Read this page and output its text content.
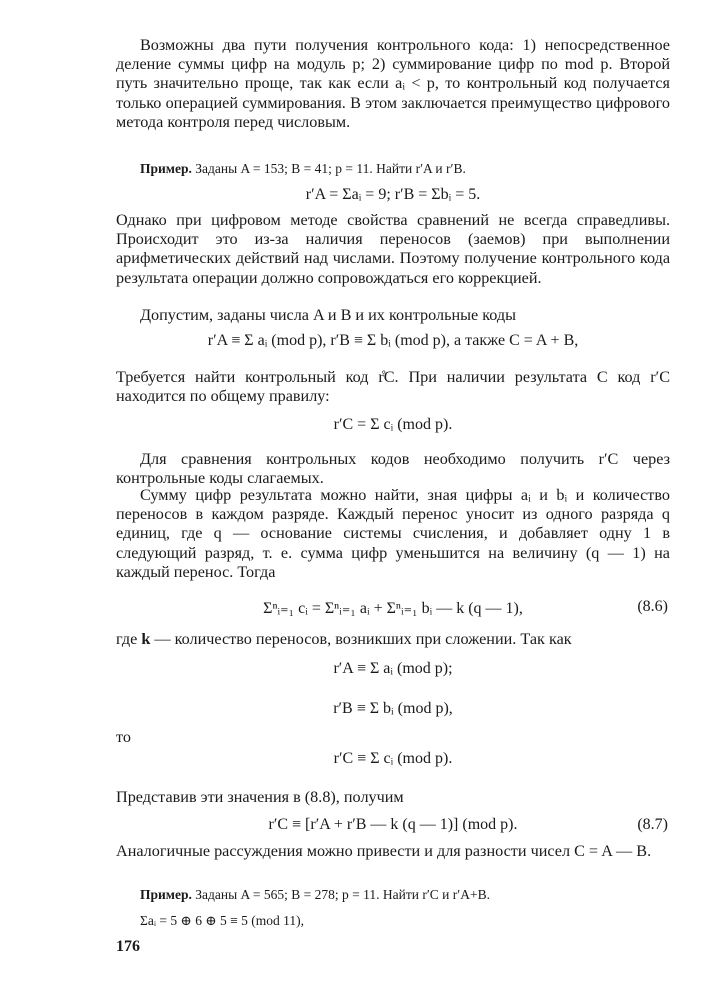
Возможны два пути получения контрольного кода: 1) непосредственное деление суммы цифр на модуль p; 2) суммирование цифр по mod p. Второй путь значительно проще, так как если aᵢ < p, то контрольный код получается только операцией суммирования. В этом заключается преимущество цифрового метода контроля перед числовым.

Пример. Заданы A = 153; B = 41; p = 11. Найти r′A и r′B.

r′A = Σaᵢ = 9; r′B = Σbᵢ = 5.

Однако при цифровом методе свойства сравнений не всегда справедливы. Происходит это из-за наличия переносов (заемов) при выполнении арифметических действий над числами. Поэтому получение контрольного кода результата операции должно сопровождаться его коррекцией.

Допустим, заданы числа A и B и их контрольные коды

r′A ≡ Σ aᵢ (mod p), r′B ≡ Σ bᵢ (mod p), а также C = A + B,

Требуется найти контрольный код r̊C. При наличии результата C код r′C находится по общему правилу:

r′C = Σ cᵢ (mod p).

Для сравнения контрольных кодов необходимо получить r′C через контрольные коды слагаемых.

Сумму цифр результата можно найти, зная цифры aᵢ и bᵢ и количество переносов в каждом разряде. Каждый перенос уносит из одного разряда q единиц, где q — основание системы счисления, и добавляет одну 1 в следующий разряд, т. е. сумма цифр уменьшится на величину (q — 1) на каждый перенос. Тогда

Σⁿᵢ₌₁ cᵢ = Σⁿᵢ₌₁ aᵢ + Σⁿᵢ₌₁ bᵢ — k (q — 1),	(8.6)

где k — количество переносов, возникших при сложении. Так как

r′A ≡ Σ aᵢ (mod p);

r′B ≡ Σ bᵢ (mod p),

то

r′C ≡ Σ cᵢ (mod p).

Представив эти значения в (8.8), получим

r′C ≡ [r′A + r′B — k (q — 1)] (mod p).	(8.7)

Аналогичные рассуждения можно привести и для разности чисел C = A — B.

Пример. Заданы A = 565; B = 278; p = 11. Найти r′C и r′A+B.

Σaᵢ = 5 ⊕ 6 ⊕ 5 ≡ 5 (mod 11),

176
